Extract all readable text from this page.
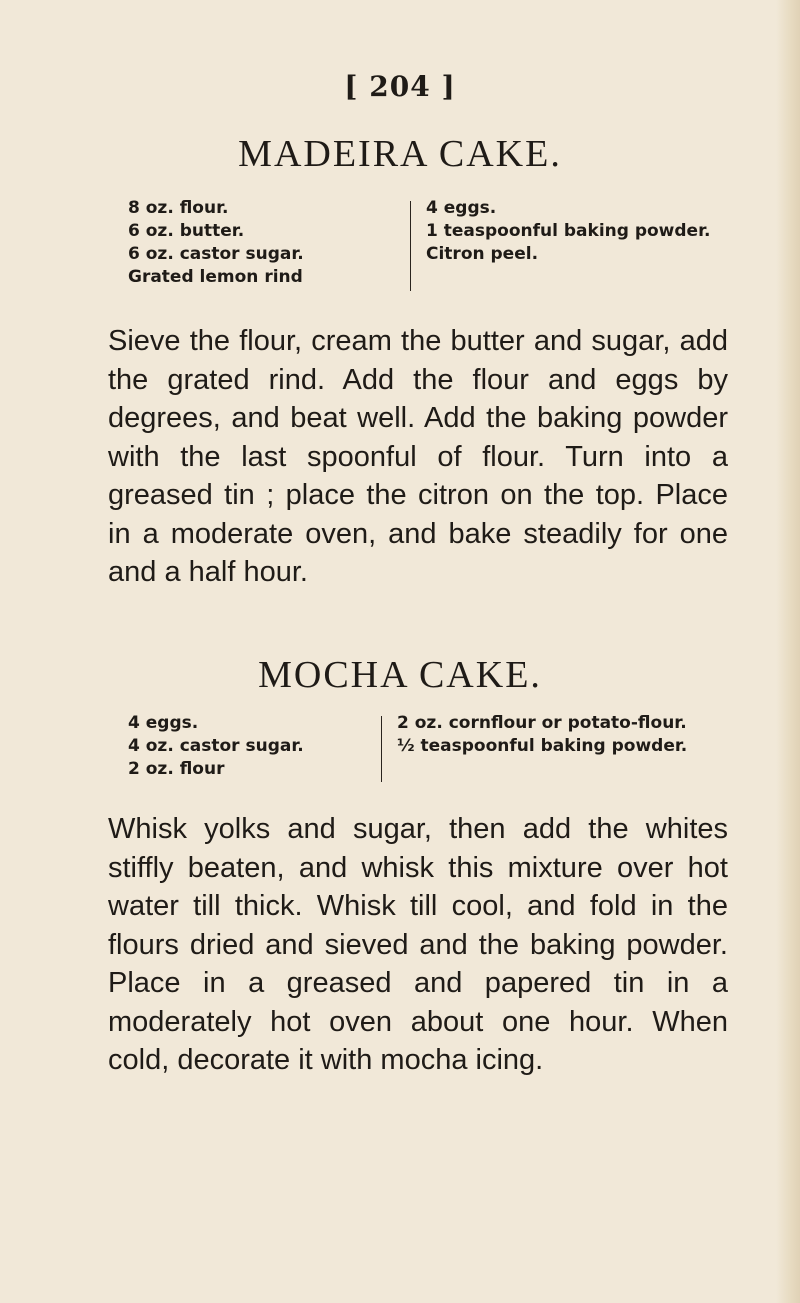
[ 204 ]
MADEIRA CAKE.
8 oz. flour.
6 oz. butter.
6 oz. castor sugar.
Grated lemon rind
4 eggs.
1 teaspoonful baking powder.
Citron peel.

Sieve the flour, cream the butter and sugar, add the grated rind. Add the flour and eggs by degrees, and beat well. Add the baking powder with the last spoonful of flour. Turn into a greased tin ; place the citron on the top. Place in a moderate oven, and bake steadily for one and a half hour.

MOCHA CAKE.
4 eggs.
4 oz. castor sugar.
2 oz. flour
2 oz. cornflour or potato-flour.
½ teaspoonful baking powder.

Whisk yolks and sugar, then add the whites stiffly beaten, and whisk this mixture over hot water till thick. Whisk till cool, and fold in the flours dried and sieved and the baking powder. Place in a greased and papered tin in a moderately hot oven about one hour. When cold, decorate it with mocha icing.
